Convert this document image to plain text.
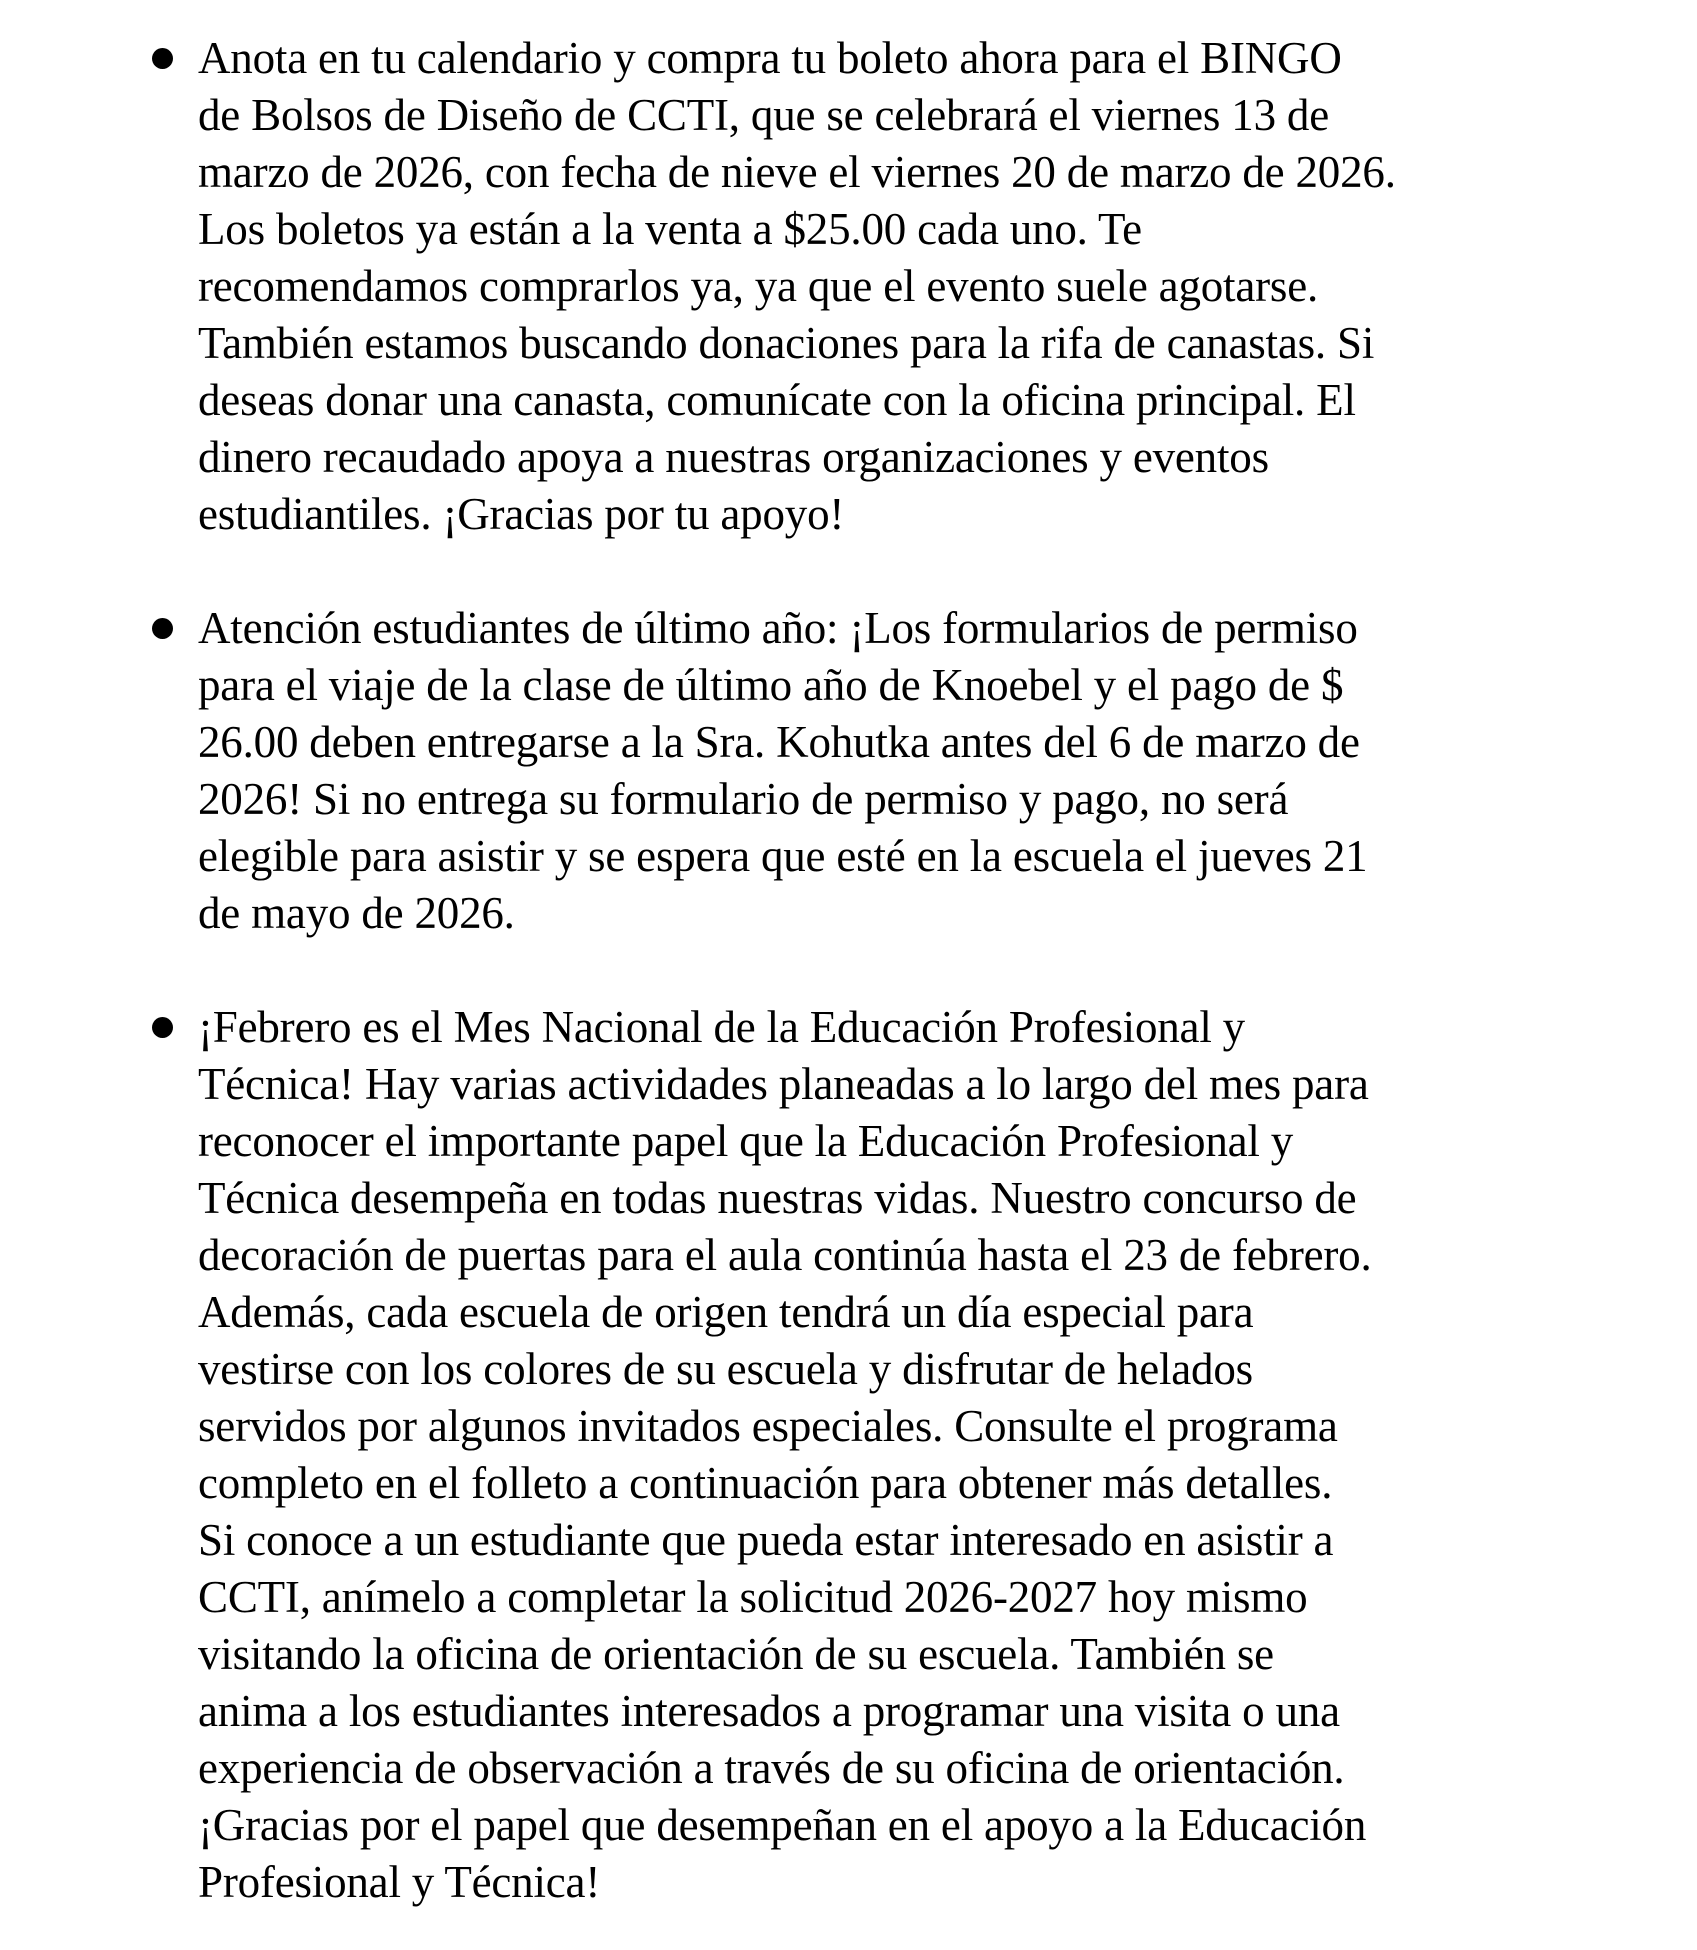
Anota en tu calendario y compra tu boleto ahora para el BINGO
de Bolsos de Diseño de CCTI, que se celebrará el viernes 13 de
marzo de 2026, con fecha de nieve el viernes 20 de marzo de 2026.
Los boletos ya están a la venta a $25.00 cada uno. Te
recomendamos comprarlos ya, ya que el evento suele agotarse.
También estamos buscando donaciones para la rifa de canastas. Si
deseas donar una canasta, comunícate con la oficina principal. El
dinero recaudado apoya a nuestras organizaciones y eventos
estudiantiles. ¡Gracias por tu apoyo!
Atención estudiantes de último año: ¡Los formularios de permiso
para el viaje de la clase de último año de Knoebel y el pago de $
26.00 deben entregarse a la Sra. Kohutka antes del 6 de marzo de
2026! Si no entrega su formulario de permiso y pago, no será
elegible para asistir y se espera que esté en la escuela el jueves 21
de mayo de 2026.
¡Febrero es el Mes Nacional de la Educación Profesional y
Técnica! Hay varias actividades planeadas a lo largo del mes para
reconocer el importante papel que la Educación Profesional y
Técnica desempeña en todas nuestras vidas. Nuestro concurso de
decoración de puertas para el aula continúa hasta el 23 de febrero.
Además, cada escuela de origen tendrá un día especial para
vestirse con los colores de su escuela y disfrutar de helados
servidos por algunos invitados especiales. Consulte el programa
completo en el folleto a continuación para obtener más detalles.
Si conoce a un estudiante que pueda estar interesado en asistir a
CCTI, anímelo a completar la solicitud 2026-2027 hoy mismo
visitando la oficina de orientación de su escuela. También se
anima a los estudiantes interesados a programar una visita o una
experiencia de observación a través de su oficina de orientación.
¡Gracias por el papel que desempeñan en el apoyo a la Educación
Profesional y Técnica!
